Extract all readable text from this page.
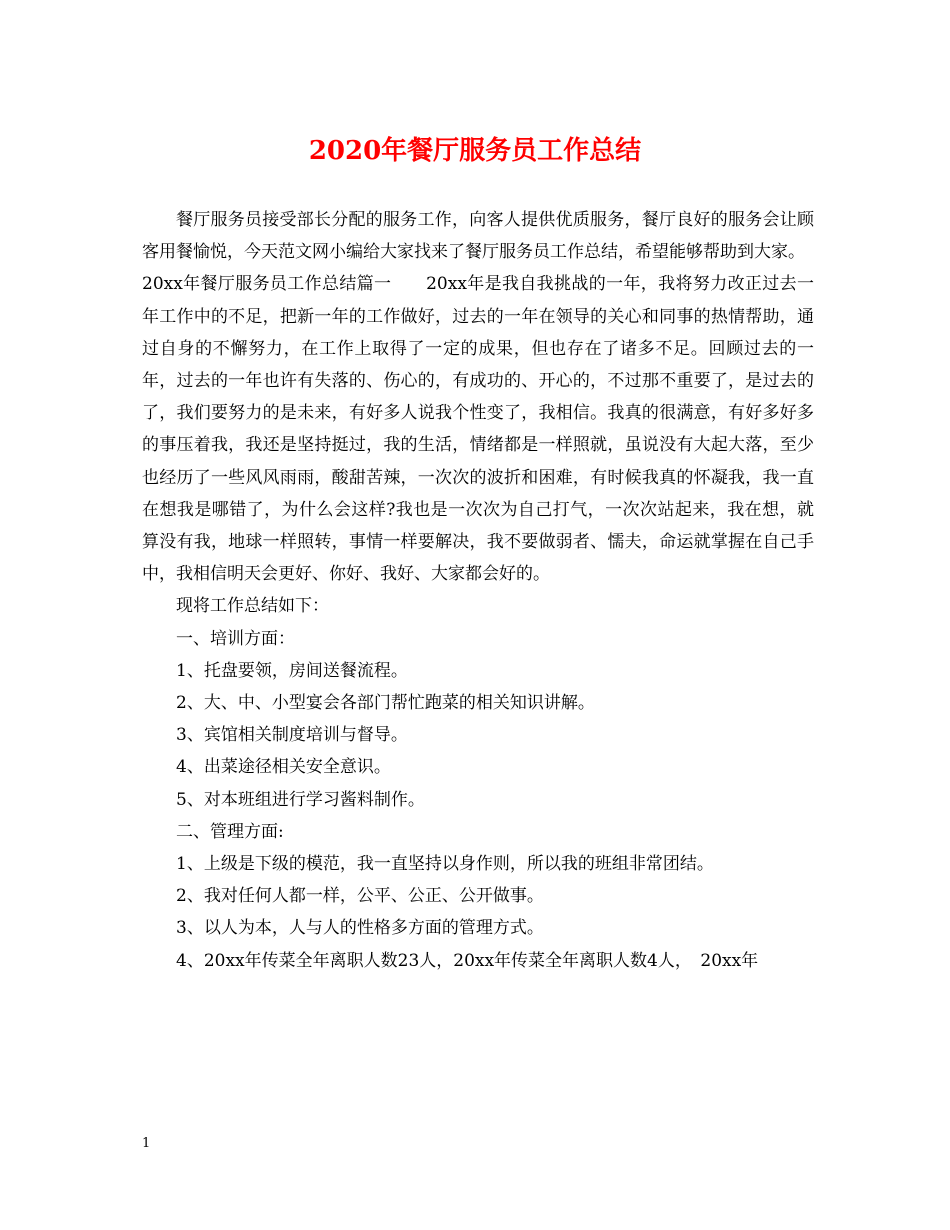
2020年餐厅服务员工作总结

餐厅服务员接受部长分配的服务工作，向客人提供优质服务，餐厅良好的服务会让顾客用餐愉悦，今天范文网小编给大家找来了餐厅服务员工作总结，希望能够帮助到大家。

20xx年餐厅服务员工作总结篇一　　20xx年是我自我挑战的一年，我将努力改正过去一年工作中的不足，把新一年的工作做好，过去的一年在领导的关心和同事的热情帮助，通过自身的不懈努力，在工作上取得了一定的成果，但也存在了诸多不足。回顾过去的一年，过去的一年也许有失落的、伤心的，有成功的、开心的，不过那不重要了，是过去的了，我们要努力的是未来，有好多人说我个性变了，我相信。我真的很满意，有好多好多的事压着我，我还是坚持挺过，我的生活，情绪都是一样照就，虽说没有大起大落，至少也经历了一些风风雨雨，酸甜苦辣，一次次的波折和困难，有时候我真的怀凝我，我一直在想我是哪错了，为什么会这样?我也是一次次为自己打气，一次次站起来，我在想，就算没有我，地球一样照转，事情一样要解决，我不要做弱者、懦夫，命运就掌握在自己手中，我相信明天会更好、你好、我好、大家都会好的。

现将工作总结如下：

一、培训方面：

1、托盘要领，房间送餐流程。

2、大、中、小型宴会各部门帮忙跑菜的相关知识讲解。

3、宾馆相关制度培训与督导。

4、出菜途径相关安全意识。

5、对本班组进行学习酱料制作。

二、管理方面:

1、上级是下级的模范，我一直坚持以身作则，所以我的班组非常团结。

2、我对任何人都一样，公平、公正、公开做事。

3、以人为本，人与人的性格多方面的管理方式。

4、20xx年传菜全年离职人数23人，20xx年传菜全年离职人数4人，　20xx年

1
